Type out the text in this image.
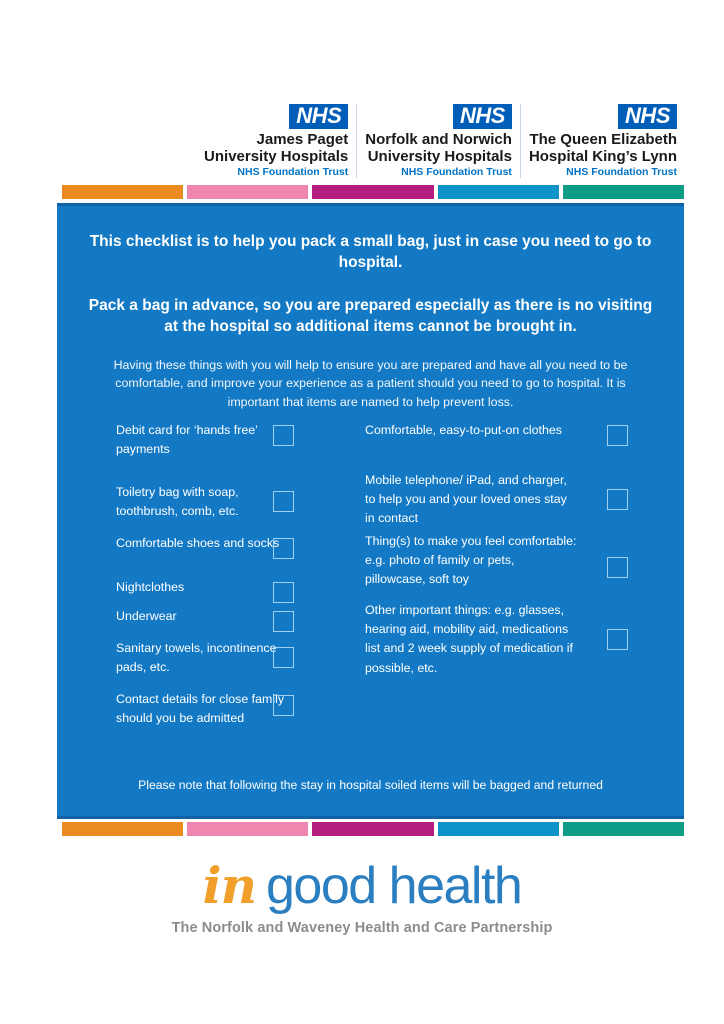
NHS
James Paget
University Hospitals
NHS Foundation Trust
NHS
Norfolk and Norwich
University Hospitals
NHS Foundation Trust
NHS
The Queen Elizabeth
Hospital King’s Lynn
NHS Foundation Trust
This checklist is to help you pack a small bag, just in case you need to go to hospital.
Pack a bag in advance, so you are prepared especially as there is no visiting at the hospital so additional items cannot be brought in.
Having these things with you will help to ensure you are prepared and have all you need to be comfortable, and improve your experience as a patient should you need to go to hospital. It is important that items are named to help prevent loss.
Debit card for ‘hands free’ payments
Toiletry bag with soap, toothbrush, comb, etc.
Comfortable shoes and socks
Nightclothes
Underwear
Sanitary towels, incontinence pads, etc.
Contact details for close family should you be admitted
Comfortable, easy-to-put-on clothes
Mobile telephone/ iPad, and charger, to help you and your loved ones stay in contact
Thing(s) to make you feel comfortable: e.g. photo of family or pets, pillowcase, soft toy
Other important things: e.g. glasses, hearing aid, mobility aid, medications list and 2 week supply of medication if possible, etc.
Please note that following the stay in hospital soiled items will be bagged and returned
in good health
The Norfolk and Waveney Health and Care Partnership
